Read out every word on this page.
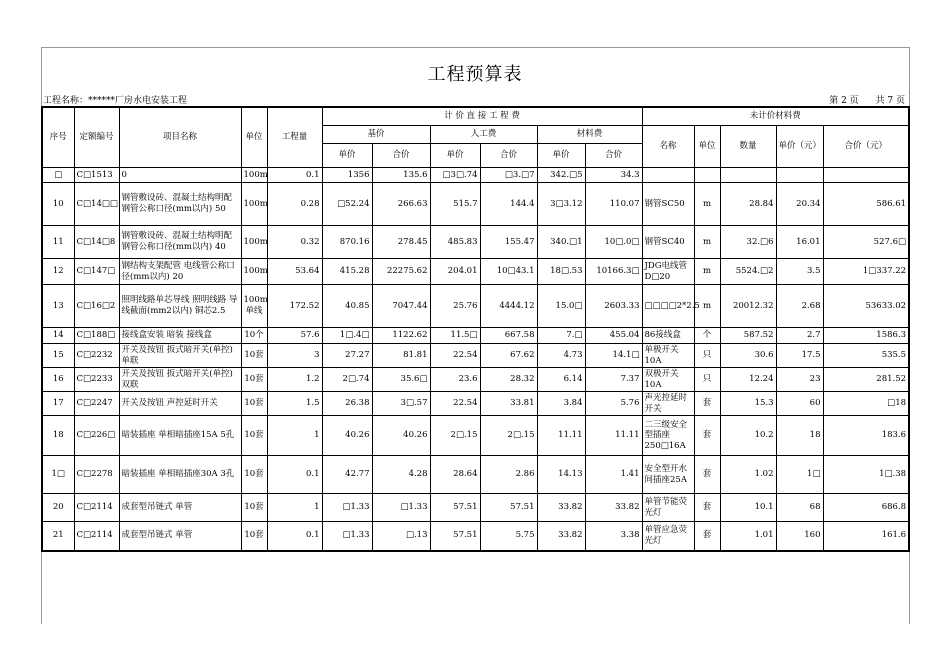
工程预算表
工程名称：******厂房水电安装工程	第 2 页 共 7 页
序号	定额编号	项目名称	单位	工程量	计 价 直 接 工 程 费						未计价材料费				
					基价		人工费		材料费		名称	单位	数量	单价（元）	合价（元）
					单价	合价	单价	合价	单价	合价					
□	C□1513	0	100m	0.1	1356	135.6	□3□.74	□3.□7	342.□5	34.3					
10	C□14□□	钢管敷设砖、混凝土结构明配钢管公称口径(mm以内) 50	100m	0.28	□52.24	266.63	515.7	144.4	3□3.12	110.07	钢管SC50	m	28.84	20.34	586.61
11	C□14□8	钢管敷设砖、混凝土结构明配钢管公称口径(mm以内) 40	100m	0.32	870.16	278.45	485.83	155.47	340.□1	10□.0□	钢管SC40	m	32.□6	16.01	527.6□
12	C□147□	钢结构支架配管 电线管公称口径(mm以内) 20	100m	53.64	415.28	22275.62	204.01	10□43.1	18□.53	10166.3□	JDG电线管D□20	m	5524.□2	3.5	1□337.22
13	C□16□2	照明线路单芯导线 照明线路 导线截面(mm2以内) 铜芯2.5	100m单线	172.52	40.85	7047.44	25.76	4444.12	15.0□	2603.33	□□□□2*2.5	m	20012.32	2.68	53633.02
14	C□188□	接线盒安装 暗装 接线盒	10个	57.6	1□.4□	1122.62	11.5□	667.58	7.□	455.04	86接线盒	个	587.52	2.7	1586.3
15	C□2232	开关及按钮 扳式暗开关(单控) 单联	10套	3	27.27	81.81	22.54	67.62	4.73	14.1□	单极开关10A	只	30.6	17.5	535.5
16	C□2233	开关及按钮 扳式暗开关(单控) 双联	10套	1.2	2□.74	35.6□	23.6	28.32	6.14	7.37	双极开关10A	只	12.24	23	281.52
17	C□2247	开关及按钮 声控延时开关	10套	1.5	26.38	3□.57	22.54	33.81	3.84	5.76	声光控延时开关	套	15.3	60	□18
18	C□226□	暗装插座 单相暗插座15A 5孔	10套	1	40.26	40.26	2□.15	2□.15	11.11	11.11	二三级安全型插座250□16A	套	10.2	18	183.6
1□	C□2278	暗装插座 单相暗插座30A 3孔	10套	0.1	42.77	4.28	28.64	2.86	14.13	1.41	安全型开水间插座25A	套	1.02	1□	1□.38
20	C□2114	成套型吊链式 单管	10套	1	□1.33	□1.33	57.51	57.51	33.82	33.82	单管节能荧光灯	套	10.1	68	686.8
21	C□2114	成套型吊链式 单管	10套	0.1	□1.33	□.13	57.51	5.75	33.82	3.38	单管应急荧光灯	套	1.01	160	161.6
